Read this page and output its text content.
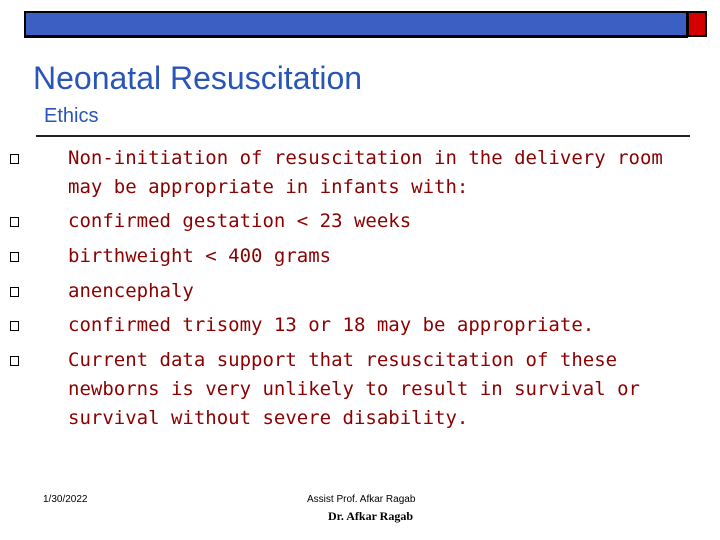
Neonatal Resuscitation
Ethics
Non-initiation of resuscitation in the delivery room may be appropriate in infants with:
confirmed gestation < 23 weeks
birthweight < 400 grams
anencephaly
confirmed trisomy 13 or 18 may be appropriate.
Current data support that resuscitation of these newborns is very unlikely to result in survival or survival without severe disability.
1/30/2022	Assist Prof. Afkar Ragab
Dr. Afkar Ragab
